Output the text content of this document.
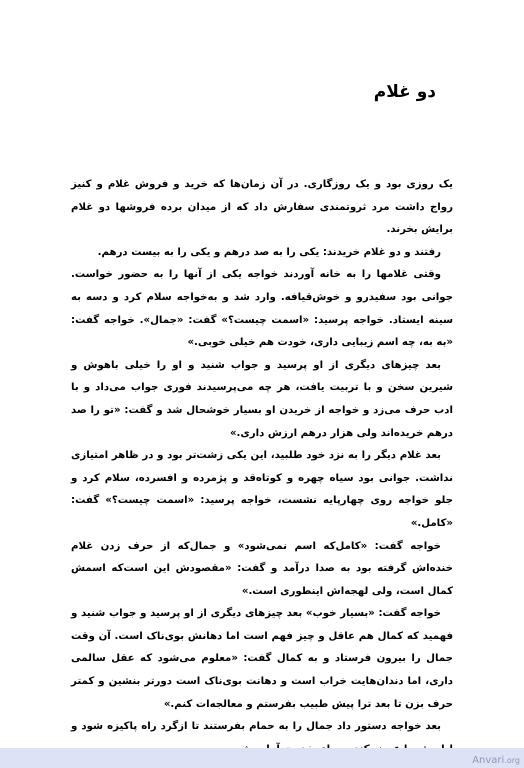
دو غلام

یک روزی بود و یک روزگاری. در آن زمان‌ها که خرید و فروش غلام و کنیز رواج داشت مرد ثروتمندی سفارش داد که از میدان برده فروشها دو غلام برایش بخرند.

رفتند و دو غلام خریدند: یکی را به صد درهم و یکی را به بیست درهم.

وقتی غلامها را به خانه آوردند خواجه یکی از آنها را به حضور خواست. جوانی بود سفیدرو و خوش‌قیافه. وارد شد و به‌خواجه سلام کرد و دسه به سینه ایستاد. خواجه پرسید: «اسمت چیست؟» گفت: «جمال». خواجه گفت: «به به، چه اسم زیبایی داری، خودت هم خیلی خوبی.»

بعد چیزهای دیگری از او پرسید و جواب شنید و او را خیلی باهوش و شیرین سخن و با تربیت یافت، هر چه می‌پرسیدند فوری جواب می‌داد و با ادب حرف می‌زد و خواجه از خریدن او بسیار خوشحال شد و گفت: «تو را صد درهم خریده‌اند ولی هزار درهم ارزش داری.»

بعد غلام دیگر را به نزد خود طلبید، این یکی زشت‌تر بود و در ظاهر امتیازی نداشت. جوانی بود سیاه چهره و کوتاه‌قد و پژمرده و افسرده، سلام کرد و جلو خواجه روی چهارپایه نشست، خواجه پرسید: «اسمت چیست؟» گفت: «کامل.»

خواجه گفت: «کامل‌که اسم نمی‌شود» و جمال‌که از حرف زدن غلام خنده‌اش گرفته بود به صدا درآمد و گفت: «مقصودش این است‌که اسمش کمال است، ولی لهجه‌اش اینطوری است.»

خواجه گفت: «بسیار خوب» بعد چیزهای دیگری از او پرسید و جواب شنید و فهمید که کمال هم عاقل و چیز فهم است اما دهانش بوی‌ناک است. آن وقت جمال را بیرون فرستاد و به کمال گفت: «معلوم می‌شود که عقل سالمی داری، اما دندان‌هایت خراب است و دهانت بوی‌ناک است دورتر بنشین و کمتر حرف بزن تا بعد ترا پیش طبیب بفرستم و معالجه‌ات کنم.»

بعد خواجه دستور داد جمال را به حمام بفرستند تا ازگرد راه پاکیزه شود و

Anvari.org
